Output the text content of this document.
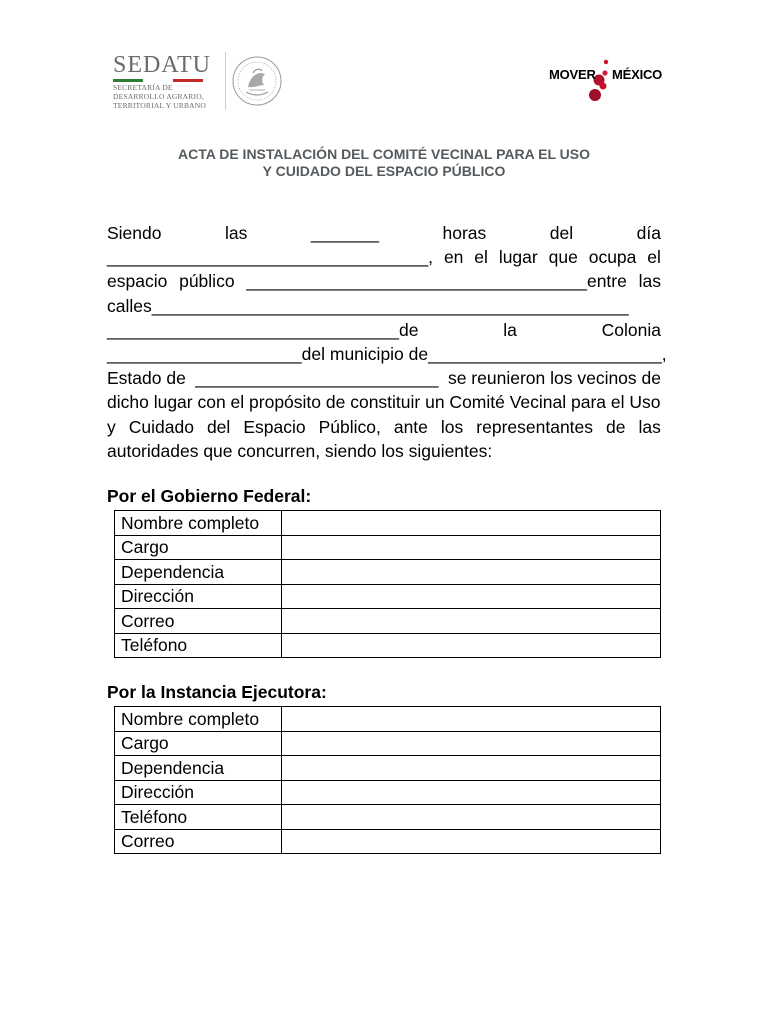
SEDATU
SECRETARÍA DE
DESARROLLO AGRARIO,
TERRITORIAL Y URBANO
MOVER MÉXICO
ACTA DE INSTALACIÓN DEL COMITÉ VECINAL PARA EL USO
Y CUIDADO DEL ESPACIO PÚBLICO
Siendo	las	_______	horas	del	día
_________________________________, en el lugar que ocupa el
espacio público ___________________________________entre las
calles_________________________________________________
______________________________de	la	Colonia
____________________del municipio de________________________,
Estado de _________________________ se reunieron los vecinos de
dicho lugar con el propósito de constituir un Comité Vecinal para el Uso
y Cuidado del Espacio Público, ante los representantes de las
autoridades que concurren, siendo los siguientes:
Por el Gobierno Federal:
Nombre completo	
Cargo	
Dependencia	
Dirección	
Correo	
Teléfono	
Por la Instancia Ejecutora:
Nombre completo	
Cargo	
Dependencia	
Dirección	
Teléfono	
Correo	
